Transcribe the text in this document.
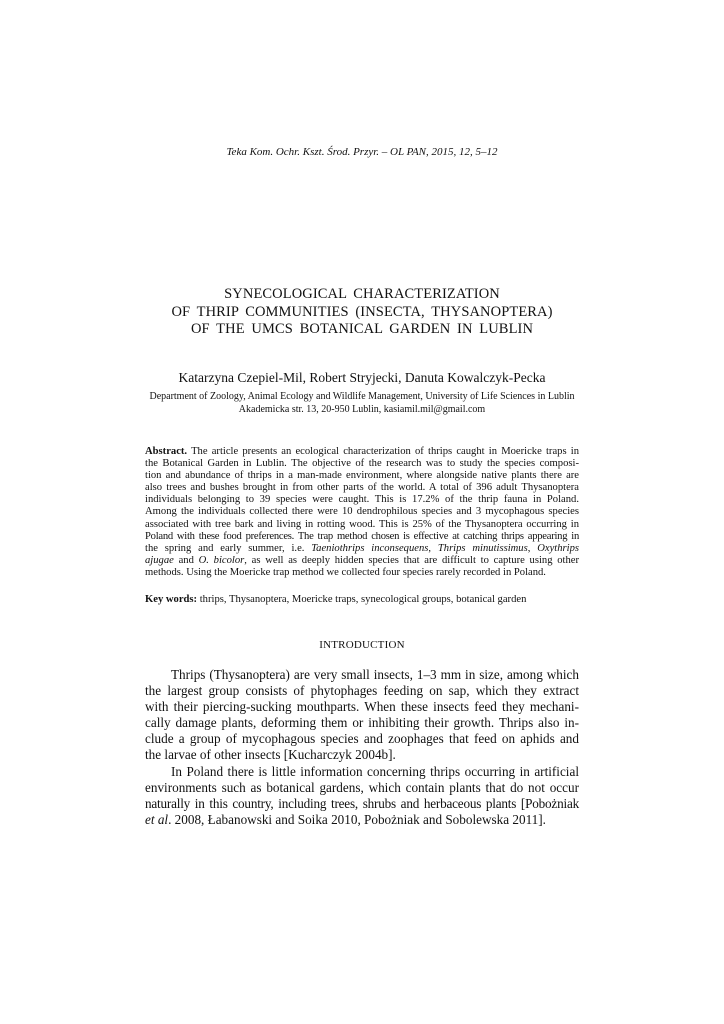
Teka Kom. Ochr. Kszt. Środ. Przyr. – OL PAN, 2015, 12, 5–12
SYNECOLOGICAL CHARACTERIZATION
OF THRIP COMMUNITIES (INSECTA, THYSANOPTERA)
OF THE UMCS BOTANICAL GARDEN IN LUBLIN
Katarzyna Czepiel-Mil, Robert Stryjecki, Danuta Kowalczyk-Pecka
Department of Zoology, Animal Ecology and Wildlife Management, University of Life Sciences in Lublin
Akademicka str. 13, 20-950 Lublin, kasiamil.mil@gmail.com
Abstract. The article presents an ecological characterization of thrips caught in Moericke traps in
the Botanical Garden in Lublin. The objective of the research was to study the species composi-
tion and abundance of thrips in a man-made environment, where alongside native plants there are
also trees and bushes brought in from other parts of the world. A total of 396 adult Thysanoptera
individuals belonging to 39 species were caught. This is 17.2% of the thrip fauna in Poland.
Among the individuals collected there were 10 dendrophilous species and 3 mycophagous species
associated with tree bark and living in rotting wood. This is 25% of the Thysanoptera occurring in
Poland with these food preferences. The trap method chosen is effective at catching thrips appearing in
the spring and early summer, i.e. Taeniothrips inconsequens, Thrips minutissimus, Oxythrips
ajugae and O. bicolor, as well as deeply hidden species that are difficult to capture using other
methods. Using the Moericke trap method we collected four species rarely recorded in Poland.
Key words: thrips, Thysanoptera, Moericke traps, synecological groups, botanical garden
INTRODUCTION
Thrips (Thysanoptera) are very small insects, 1–3 mm in size, among which
the largest group consists of phytophages feeding on sap, which they extract
with their piercing-sucking mouthparts. When these insects feed they mechani-
cally damage plants, deforming them or inhibiting their growth. Thrips also in-
clude a group of mycophagous species and zoophages that feed on aphids and
the larvae of other insects [Kucharczyk 2004b].
In Poland there is little information concerning thrips occurring in artificial
environments such as botanical gardens, which contain plants that do not occur
naturally in this country, including trees, shrubs and herbaceous plants [Pobożniak
et al. 2008, Łabanowski and Soika 2010, Pobożniak and Sobolewska 2011].
